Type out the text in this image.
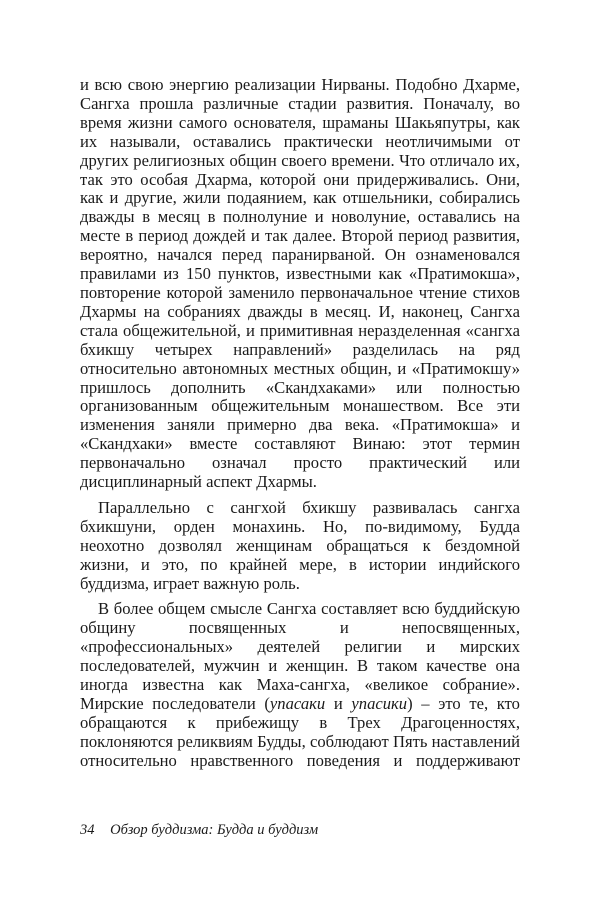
и всю свою энергию реализации Нирваны. Подобно Дхарме,
Сангха прошла различные стадии развития. Поначалу, во
время жизни самого основателя, шраманы Шакьяпутры, как
их называли, оставались практически неотличимыми от
других религиозных общин своего времени. Что отличало их,
так это особая Дхарма, которой они придерживались. Они,
как и другие, жили подаянием, как отшельники, собирались
дважды в месяц в полнолуние и новолуние, оставались на
месте в период дождей и так далее. Второй период развития,
вероятно, начался перед паранирваной. Он ознаменовался
правилами из 150 пунктов, известными как «Пратимокша»,
повторение которой заменило первоначальное чтение стихов
Дхармы на собраниях дважды в месяц. И, наконец, Сангха
стала общежительной, и примитивная неразделенная «сангха
бхикшу четырех направлений» разделилась на ряд
относительно автономных местных общин, и «Пратимокшу»
пришлось дополнить «Скандхаками» или полностью
организованным общежительным монашеством. Все эти
изменения заняли примерно два века. «Пратимокша» и
«Скандхаки» вместе составляют Винаю: этот термин
первоначально означал просто практический или
дисциплинарный аспект Дхармы.

Параллельно с сангхой бхикшу развивалась сангха
бхикшуни, орден монахинь. Но, по-видимому, Будда
неохотно дозволял женщинам обращаться к бездомной
жизни, и это, по крайней мере, в истории индийского
буддизма, играет важную роль.

В более общем смысле Сангха составляет всю буддийскую
общину посвященных и непосвященных,
«профессиональных» деятелей религии и мирских
последователей, мужчин и женщин. В таком качестве она
иногда известна как Маха-сангха, «великое собрание».
Мирские последователи (упасаки и упасики) – это те, кто
обращаются к прибежищу в Трех Драгоценностях,
поклоняются реликвиям Будды, соблюдают Пять наставлений
относительно нравственного поведения и поддерживают

34 Обзор буддизма: Будда и буддизм
